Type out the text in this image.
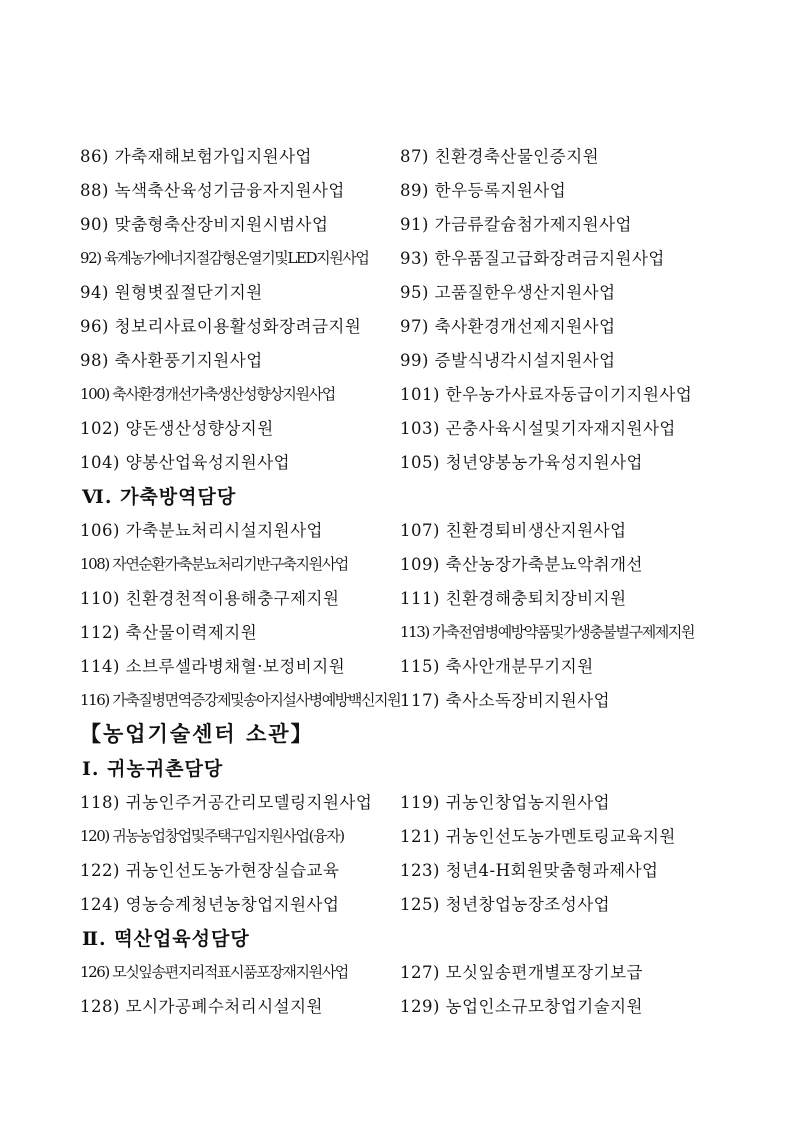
86) 가축재해보험가입지원사업	87) 친환경축산물인증지원
88) 녹색축산육성기금융자지원사업	89) 한우등록지원사업
90) 맞춤형축산장비지원시범사업	91) 가금류칼슘첨가제지원사업
92) 육계농가에너지절감형온열기및LED지원사업	93) 한우품질고급화장려금지원사업
94) 원형볏짚절단기지원	95) 고품질한우생산지원사업
96) 청보리사료이용활성화장려금지원	97) 축사환경개선제지원사업
98) 축사환풍기지원사업	99) 증발식냉각시설지원사업
100) 축사환경개선가축생산성향상지원사업	101) 한우농가사료자동급이기지원사업
102) 양돈생산성향상지원	103) 곤충사육시설및기자재지원사업
104) 양봉산업육성지원사업	105) 청년양봉농가육성지원사업
Ⅵ. 가축방역담당
106) 가축분뇨처리시설지원사업	107) 친환경퇴비생산지원사업
108) 자연순환가축분뇨처리기반구축지원사업	109) 축산농장가축분뇨악취개선
110) 친환경천적이용해충구제지원	111) 친환경해충퇴치장비지원
112) 축산물이력제지원	113) 가축전염병예방약품및가생충불벌구제제지원
114) 소브루셀라병채혈·보정비지원	115) 축사안개분무기지원
116) 가축질병면역증강제및송아지설사병예방백신지원 117) 축사소독장비지원사업
【농업기술센터 소관】
Ⅰ. 귀농귀촌담당
118) 귀농인주거공간리모델링지원사업	119) 귀농인창업농지원사업
120) 귀농농업창업및주택구입지원사업(융자)	121) 귀농인선도농가멘토링교육지원
122) 귀농인선도농가현장실습교육	123) 청년4-H회원맞춤형과제사업
124) 영농승계청년농창업지원사업	125) 청년창업농장조성사업
Ⅱ. 떡산업육성담당
126) 모싯잎송편지리적표시품포장재지원사업	127) 모싯잎송편개별포장기보급
128) 모시가공폐수처리시설지원	129) 농업인소규모창업기술지원
